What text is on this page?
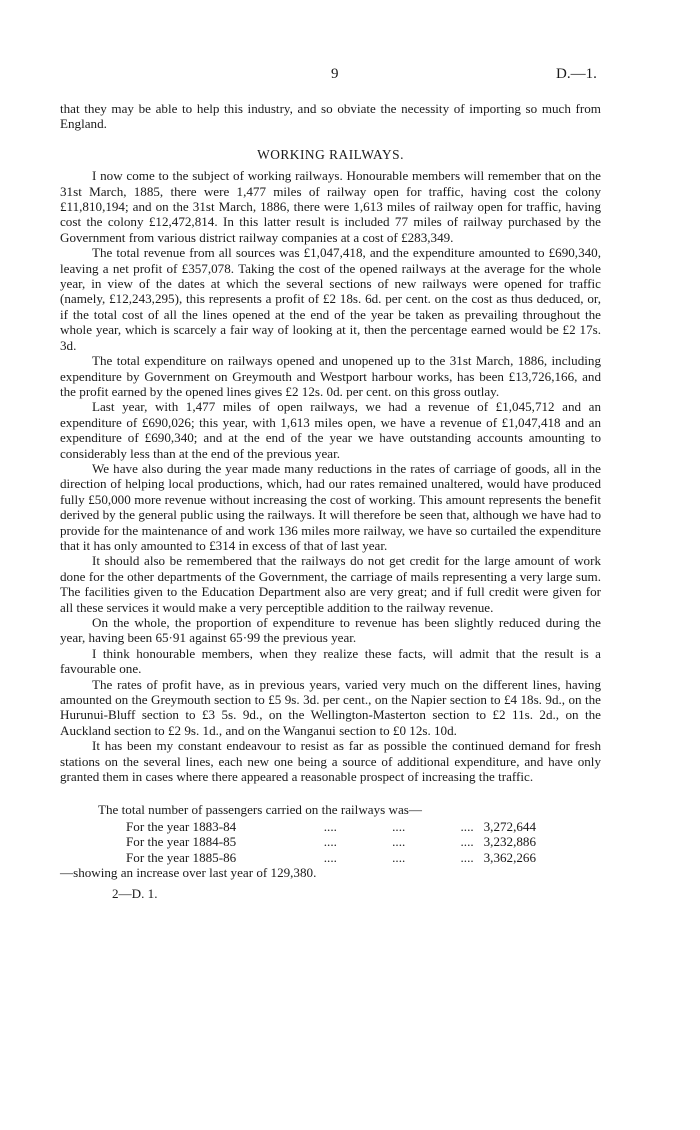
9	D.—1.

that they may be able to help this industry, and so obviate the necessity of importing so much from England.

WORKING RAILWAYS.

I now come to the subject of working railways. Honourable members will remember that on the 31st March, 1885, there were 1,477 miles of railway open for traffic, having cost the colony £11,810,194; and on the 31st March, 1886, there were 1,613 miles of railway open for traffic, having cost the colony £12,472,814. In this latter result is included 77 miles of railway purchased by the Government from various district railway companies at a cost of £283,349.

The total revenue from all sources was £1,047,418, and the expenditure amounted to £690,340, leaving a net profit of £357,078. Taking the cost of the opened railways at the average for the whole year, in view of the dates at which the several sections of new railways were opened for traffic (namely, £12,243,295), this represents a profit of £2 18s. 6d. per cent. on the cost as thus deduced, or, if the total cost of all the lines opened at the end of the year be taken as prevailing throughout the whole year, which is scarcely a fair way of looking at it, then the percentage earned would be £2 17s. 3d.

The total expenditure on railways opened and unopened up to the 31st March, 1886, including expenditure by Government on Greymouth and Westport harbour works, has been £13,726,166, and the profit earned by the opened lines gives £2 12s. 0d. per cent. on this gross outlay.

Last year, with 1,477 miles of open railways, we had a revenue of £1,045,712 and an expenditure of £690,026; this year, with 1,613 miles open, we have a revenue of £1,047,418 and an expenditure of £690,340; and at the end of the year we have outstanding accounts amounting to considerably less than at the end of the previous year.

We have also during the year made many reductions in the rates of carriage of goods, all in the direction of helping local productions, which, had our rates remained unaltered, would have produced fully £50,000 more revenue without increasing the cost of working. This amount represents the benefit derived by the general public using the railways. It will therefore be seen that, although we have had to provide for the maintenance of and work 136 miles more railway, we have so curtailed the expenditure that it has only amounted to £314 in excess of that of last year.

It should also be remembered that the railways do not get credit for the large amount of work done for the other departments of the Government, the carriage of mails representing a very large sum. The facilities given to the Education Department also are very great; and if full credit were given for all these services it would make a very perceptible addition to the railway revenue.

On the whole, the proportion of expenditure to revenue has been slightly reduced during the year, having been 65·91 against 65·99 the previous year.

I think honourable members, when they realize these facts, will admit that the result is a favourable one.

The rates of profit have, as in previous years, varied very much on the different lines, having amounted on the Greymouth section to £5 9s. 3d. per cent., on the Napier section to £4 18s. 9d., on the Hurunui-Bluff section to £3 5s. 9d., on the Wellington-Masterton section to £2 11s. 2d., on the Auckland section to £2 9s. 1d., and on the Wanganui section to £0 12s. 10d.

It has been my constant endeavour to resist as far as possible the continued demand for fresh stations on the several lines, each new one being a source of additional expenditure, and have only granted them in cases where there appeared a reasonable prospect of increasing the traffic.

The total number of passengers carried on the railways was—

For the year 1883-84	....	....	.... 3,272,644
For the year 1884-85	....	....	.... 3,232,886
For the year 1885-86	....	....	.... 3,362,266

—showing an increase over last year of 129,380.

2—D. 1.
